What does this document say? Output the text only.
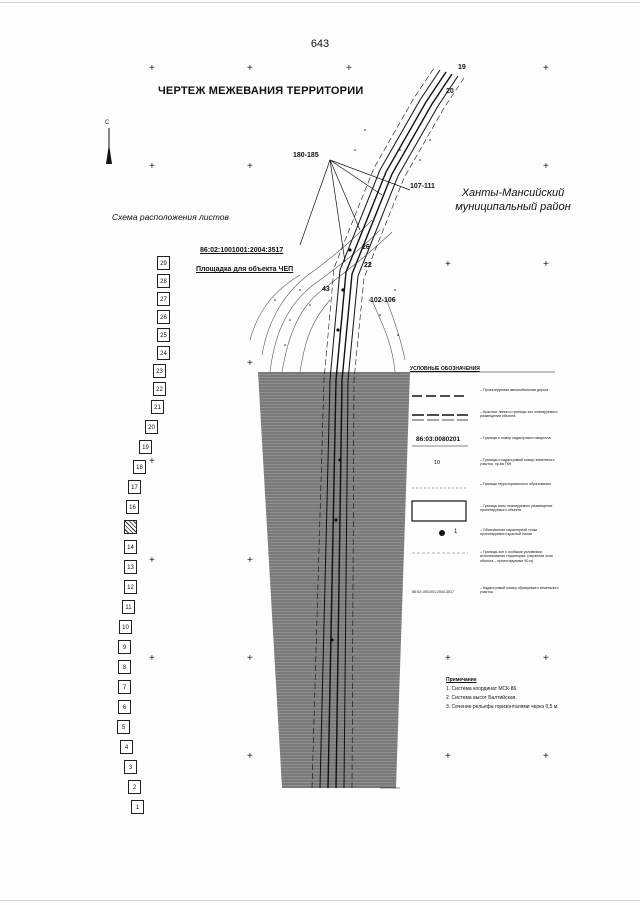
643
ЧЕРТЕЖ МЕЖЕВАНИЯ ТЕРРИТОРИИ
С
+	+	+	+
+	+	+
+	+
+
+
+	+
+	+	+	+
+	+
+
180-185
107-111
102-106
19
20
26
22
43
86:02:1001001:2004:3517
Площадка для объекта ЧЕП
Ханты-Мансийский
муниципальный район
Схема расположения листов
29
28
27
26
25
24
23
22
21
20
19
18
17
16
14
13
12
11
10
9
8
7
6
5
4
3
2
1
УСЛОВНЫЕ ОБОЗНАЧЕНИЯ
– Проектируемая автомобильная дорога
– Красные линии и границы зон планируемого размещения объекта
86:03:0080201	– Граница и номер кадастрового квартала
10	– Границы и кадастровый номер земельного участка, пр-ва ГКН
– Граница территориального образования
– Граница зоны планируемого размещения проектируемого объекта
1	– Обозначение характерной точки проектируемого красной линии
– Границы зон с особыми условиями использования территории: (охранная зона объекта – проектируемые 50 м)
86:02:1001001:2004:3517
– Кадастровый номер образуемого земельного участка
Примечание
1. Система координат МСК-86.
2. Система высот Балтийская.
3. Сечение рельефа горизонталями через 0,5 м.
